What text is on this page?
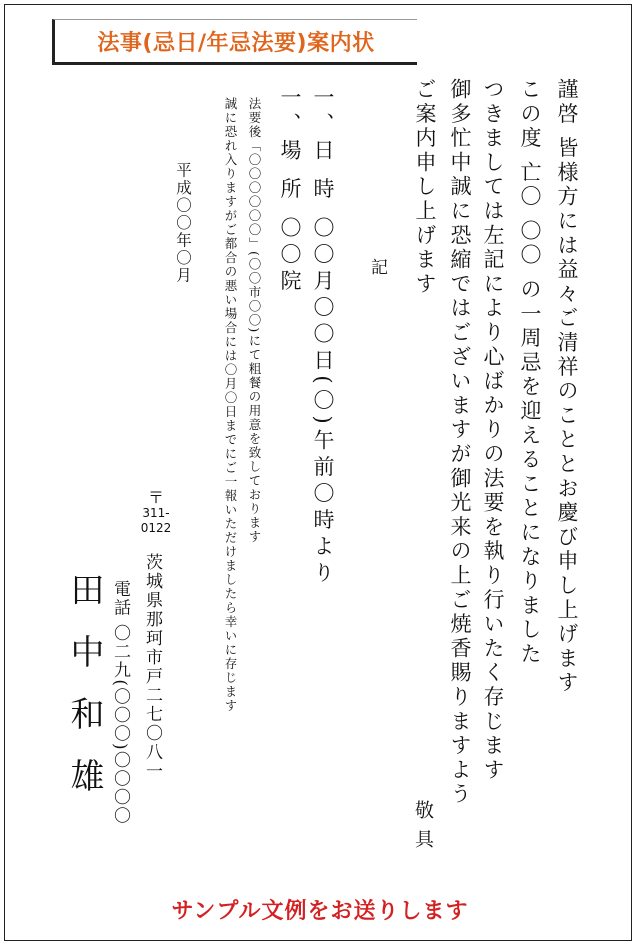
法事(忌日/年忌法要)案内状
謹啓 皆様方には益々ご清祥のこととお慶び申し上げます
この度 亡〇 〇〇 の一周忌を迎えることになりました
つきましては左記により心ばかりの法要を執り行いたく存じます
御多忙中誠に恐縮ではございますが御光来の上ご焼香賜りますよう
ご案内申し上げます
敬具
記
一、日 時 〇〇月〇〇日(〇)午前〇時より
一、場 所 〇〇院
法要後「〇〇〇〇〇〇」(〇〇市〇〇)にて粗餐の用意を致しております
誠に恐れ入りますがご都合の悪い場合には〇月〇日までにご一報いただけましたら幸いに存じます
平成〇〇年〇月
〒
311-
0122
茨城県那珂市戸二七〇八一
電話 〇二九(〇〇〇)〇〇〇〇
田中和雄
サンプル文例をお送りします
